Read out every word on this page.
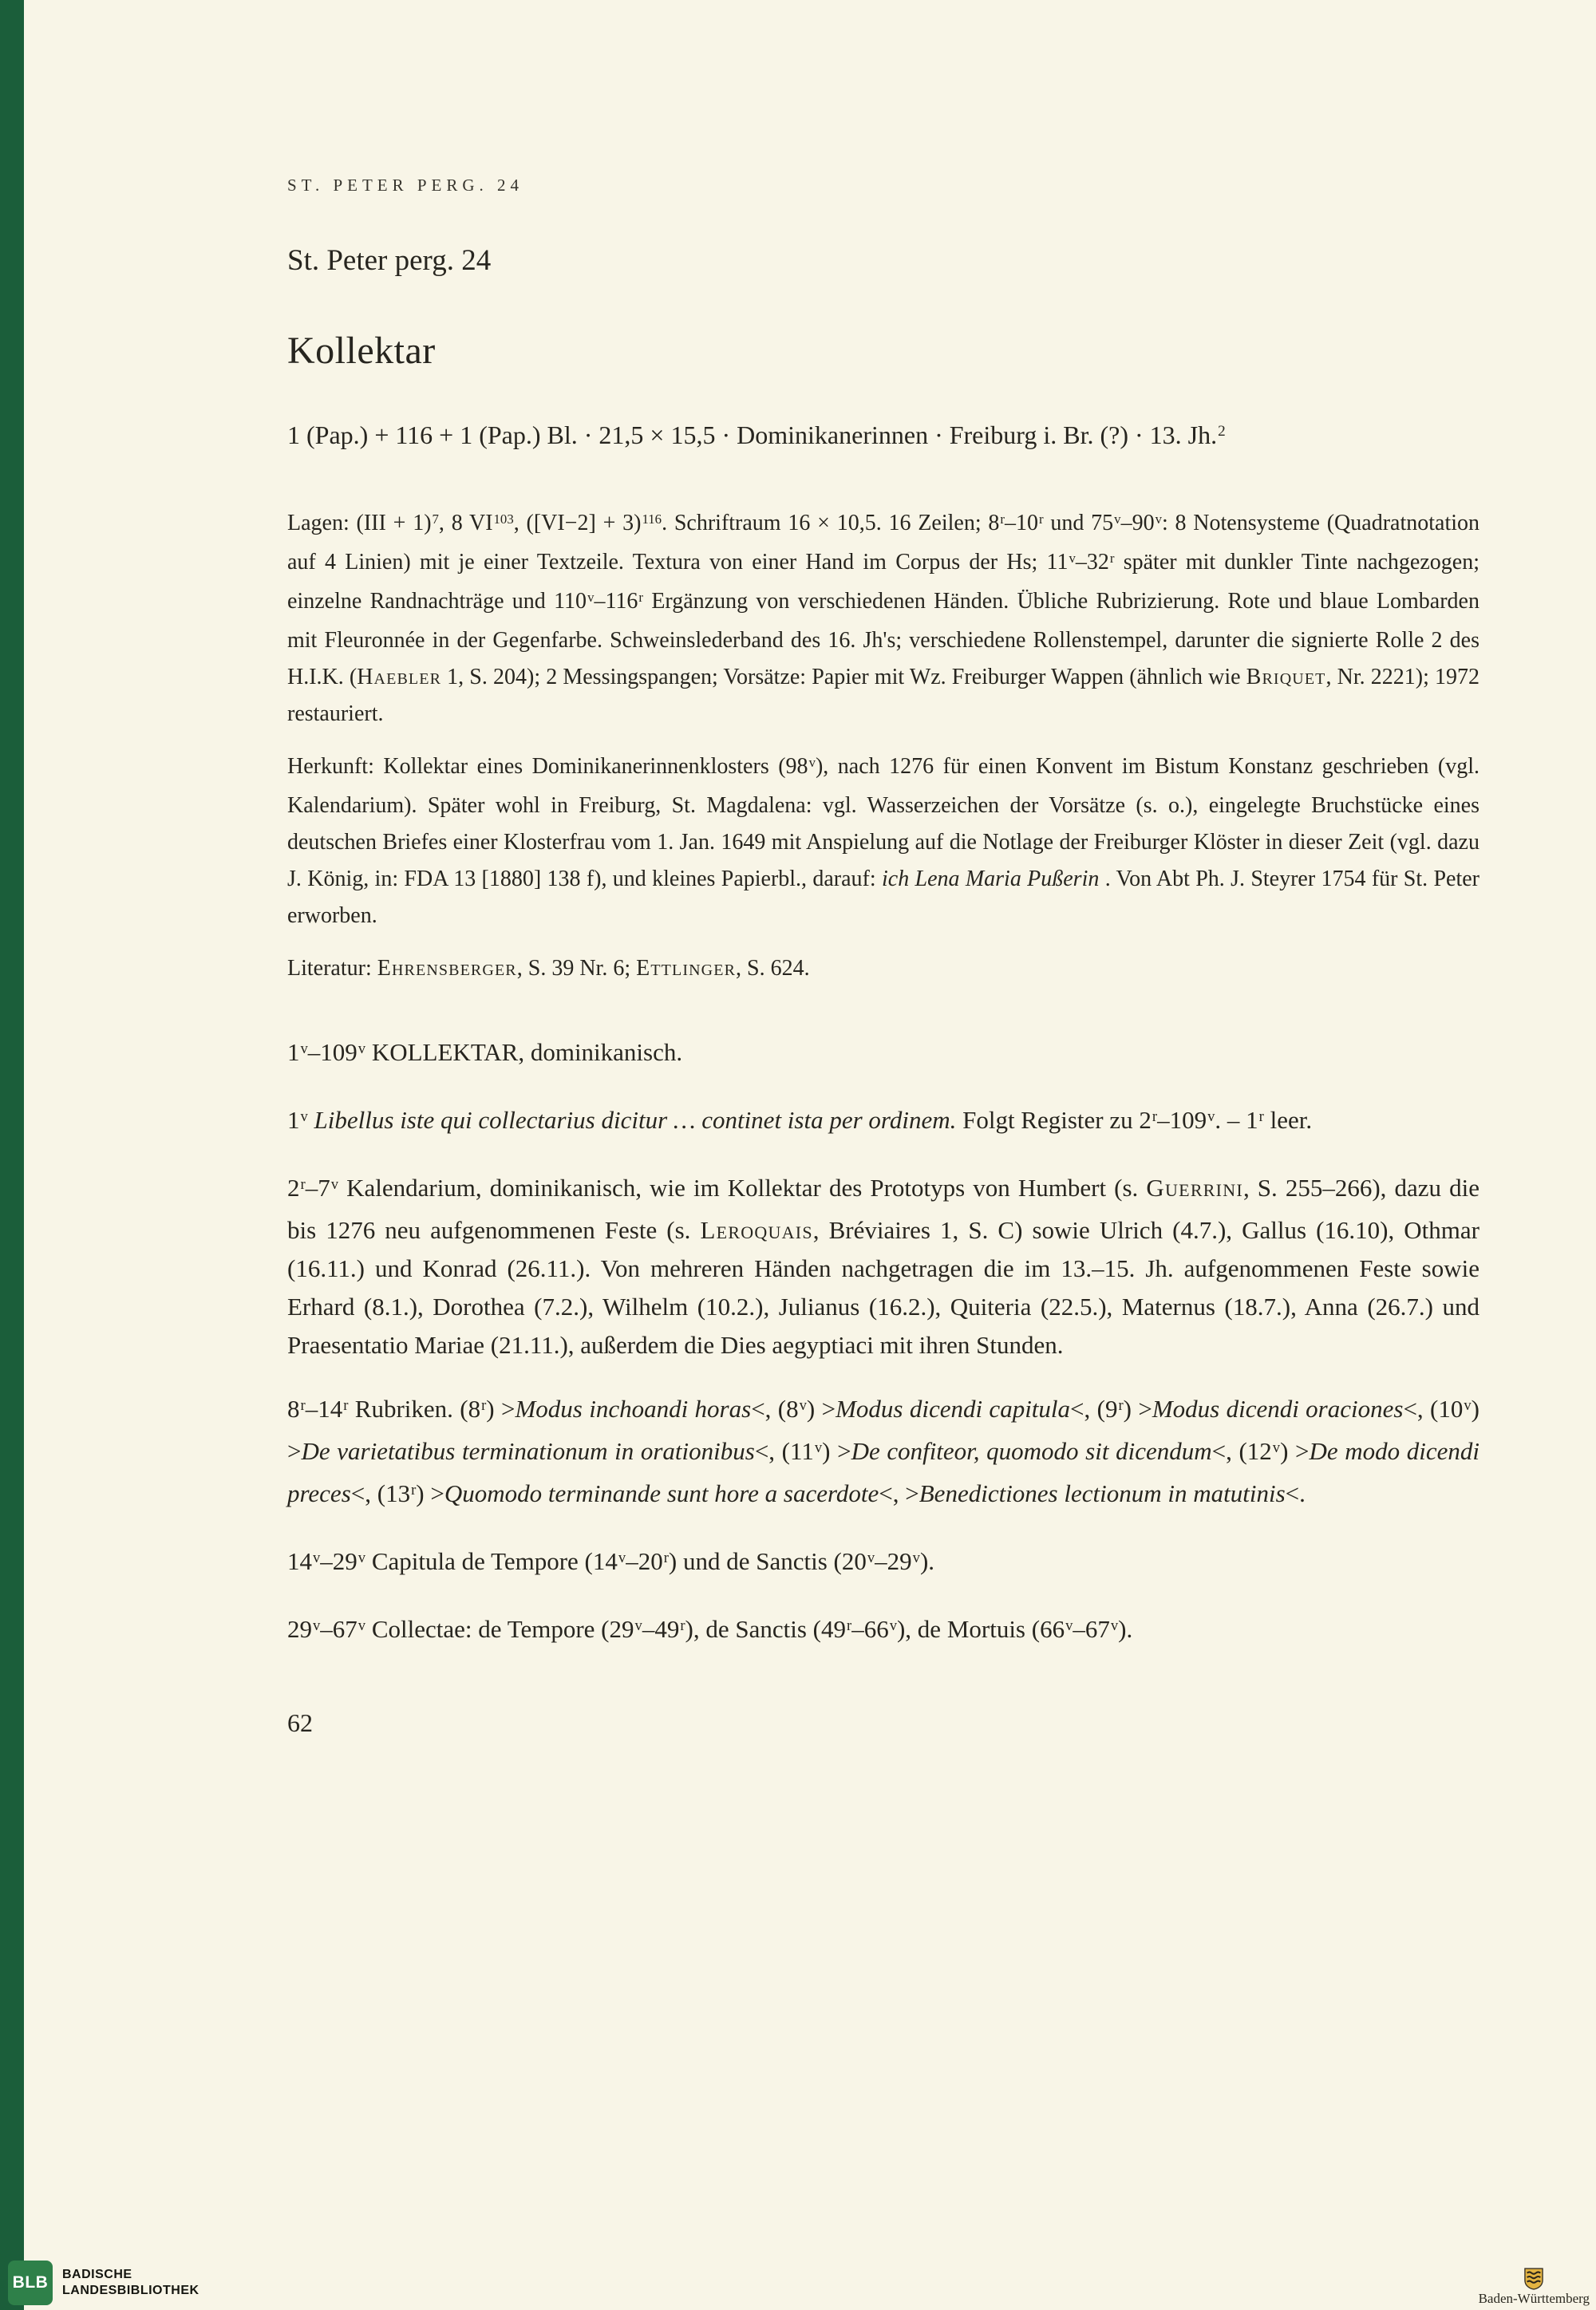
ST. PETER PERG. 24
St. Peter perg. 24
Kollektar

1 (Pap.) + 116 + 1 (Pap.) Bl. · 21,5 × 15,5 · Dominikanerinnen · Freiburg i. Br. (?) · 13. Jh.$^2$

Lagen: (III + 1)$^7$, 8 VI$^{103}$, $([VI-2] + 3)^{116}$. Schriftraum 16 × 10,5. 16 Zeilen; 8$^r$–10$^r$ und 75$^v$–90$^v$: 8 Notensysteme (Quadratnotation auf 4 Linien) mit je einer Textzeile. Textura von einer Hand im Corpus der Hs; 11$^v$–32$^r$ später mit dunkler Tinte nachgezogen; einzelne Randnachträge und 110$^v$–116$^r$ Ergänzung von verschiedenen Händen. Übliche Rubrizierung. Rote und blaue Lombarden mit Fleuronnée in der Gegenfarbe. Schweinslederband des 16. Jh's; verschiedene Rollenstempel, darunter die signierte Rolle 2 des H.I.K. (Haebler 1, S. 204); 2 Messingspangen; Vorsätze: Papier mit Wz. Freiburger Wappen (ähnlich wie Briquet, Nr. 2221); 1972 restauriert.

Herkunft: Kollektar eines Dominikanerinnenklosters (98$^v$), nach 1276 für einen Konvent im Bistum Konstanz geschrieben (vgl. Kalendarium). Später wohl in Freiburg, St. Magdalena: vgl. Wasserzeichen der Vorsätze (s. o.), eingelegte Bruchstücke eines deutschen Briefes einer Klosterfrau vom 1. Jan. 1649 mit Anspielung auf die Notlage der Freiburger Klöster in dieser Zeit (vgl. dazu J. König, in: FDA 13 [1880] 138 f), und kleines Papierbl., darauf: ich Lena Maria Pußerin . Von Abt Ph. J. Steyrer 1754 für St. Peter erworben.

Literatur: Ehrensberger, S. 39 Nr. 6; Ettlinger, S. 624.

1$^v$–109$^v$ KOLLEKTAR, dominikanisch.

1$^v$ Libellus iste qui collectarius dicitur … continet ista per ordinem. Folgt Register zu 2$^r$–109$^v$. – 1$^r$ leer.

2$^r$–7$^v$ Kalendarium, dominikanisch, wie im Kollektar des Prototyps von Humbert (s. Guerrini, S. 255–266), dazu die bis 1276 neu aufgenommenen Feste (s. Leroquais, Bréviaires 1, S. C) sowie Ulrich (4.7.), Gallus (16.10), Othmar (16.11.) und Konrad (26.11.). Von mehreren Händen nachgetragen die im 13.–15. Jh. aufgenommenen Feste sowie Erhard (8.1.), Dorothea (7.2.), Wilhelm (10.2.), Julianus (16.2.), Quiteria (22.5.), Maternus (18.7.), Anna (26.7.) und Praesentatio Mariae (21.11.), außerdem die Dies aegyptiaci mit ihren Stunden.

8$^r$–14$^r$ Rubriken. $(8^r)$ >Modus inchoandi horas<, $(8^v)$ >Modus dicendi capitula<, $(9^r)$ >Modus dicendi oraciones<, $(10^v) >De$ varietatibus terminationum in orationibus<, $(11^v) >De$ confiteor, quomodo sit dicendum<, $(12^v) >De$ modo dicendi preces<, $(13^r)$ >Quomodo terminande sunt hore a sacerdote<, >Benedictiones lectionum in matutinis<.

14$^v$–29$^v$ Capitula de Tempore (14$^v$–20$^r$) und de Sanctis (20$^v$–29$^v$).

29$^v$–67$^v$ Collectae: de Tempore (29$^v$–49$^r$), de Sanctis (49$^r$–66$^v$), de Mortuis (66$^v$–67$^v$).

62
BLB BADISCHE
LANDESBIBLIOTHEK
Baden-Württemberg
